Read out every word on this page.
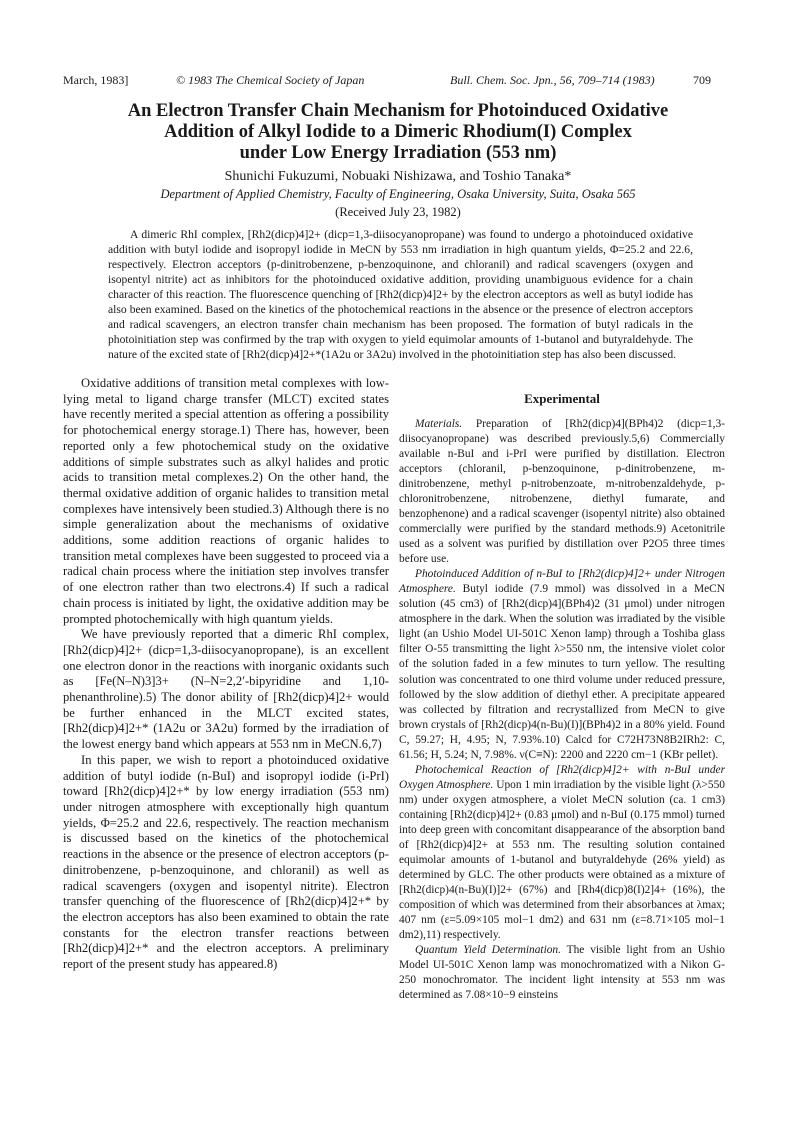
March, 1983]	© 1983 The Chemical Society of Japan	Bull. Chem. Soc. Jpn., 56, 709–714 (1983)	709
An Electron Transfer Chain Mechanism for Photoinduced Oxidative
Addition of Alkyl Iodide to a Dimeric Rhodium(I) Complex
under Low Energy Irradiation (553 nm)
Shunichi Fukuzumi, Nobuaki Nishizawa, and Toshio Tanaka*
Department of Applied Chemistry, Faculty of Engineering, Osaka University, Suita, Osaka 565
(Received July 23, 1982)
A dimeric RhI complex, [Rh2(dicp)4]2+ (dicp=1,3-diisocyanopropane) was found to undergo a photoinduced oxidative addition with butyl iodide and isopropyl iodide in MeCN by 553 nm irradiation in high quantum yields, Φ=25.2 and 22.6, respectively. Electron acceptors (p-dinitrobenzene, p-benzoquinone, and chloranil) and radical scavengers (oxygen and isopentyl nitrite) act as inhibitors for the photoinduced oxidative addition, providing unambiguous evidence for a chain character of this reaction. The fluorescence quenching of [Rh2(dicp)4]2+ by the electron acceptors as well as butyl iodide has also been examined. Based on the kinetics of the photochemical reactions in the absence or the presence of electron acceptors and radical scavengers, an electron transfer chain mechanism has been proposed. The formation of butyl radicals in the photoinitiation step was confirmed by the trap with oxygen to yield equimolar amounts of 1-butanol and butyraldehyde. The nature of the excited state of [Rh2(dicp)4]2+*(1A2u or 3A2u) involved in the photoinitiation step has also been discussed.

Oxidative additions of transition metal complexes with low-lying metal to ligand charge transfer (MLCT) excited states have recently merited a special attention as offering a possibility for photochemical energy storage.1) There has, however, been reported only a few photochemical study on the oxidative additions of simple substrates such as alkyl halides and protic acids to transition metal complexes.2) On the other hand, the thermal oxidative addition of organic halides to transition metal complexes have intensively been studied.3) Although there is no simple generalization about the mechanisms of oxidative additions, some addition reactions of organic halides to transition metal complexes have been suggested to proceed via a radical chain process where the initiation step involves transfer of one electron rather than two electrons.4) If such a radical chain process is initiated by light, the oxidative addition may be prompted photochemically with high quantum yields.

We have previously reported that a dimeric RhI complex, [Rh2(dicp)4]2+ (dicp=1,3-diisocyanopropane), is an excellent one electron donor in the reactions with inorganic oxidants such as [Fe(N–N)3]3+ (N–N=2,2′-bipyridine and 1,10-phenanthroline).5) The donor ability of [Rh2(dicp)4]2+ would be further enhanced in the MLCT excited states, [Rh2(dicp)4]2+* (1A2u or 3A2u) formed by the irradiation of the lowest energy band which appears at 553 nm in MeCN.6,7)

In this paper, we wish to report a photoinduced oxidative addition of butyl iodide (n-BuI) and isopropyl iodide (i-PrI) toward [Rh2(dicp)4]2+* by low energy irradiation (553 nm) under nitrogen atmosphere with exceptionally high quantum yields, Φ=25.2 and 22.6, respectively. The reaction mechanism is discussed based on the kinetics of the photochemical reactions in the absence or the presence of electron acceptors (p-dinitrobenzene, p-benzoquinone, and chloranil) as well as radical scavengers (oxygen and isopentyl nitrite). Electron transfer quenching of the fluorescence of [Rh2(dicp)4]2+* by the electron acceptors has also been examined to obtain the rate constants for the electron transfer reactions between [Rh2(dicp)4]2+* and the electron acceptors. A preliminary report of the present study has appeared.8)

Experimental

Materials. Preparation of [Rh2(dicp)4](BPh4)2 (dicp=1,3-diisocyanopropane) was described previously.5,6) Commercially available n-BuI and i-PrI were purified by distillation. Electron acceptors (chloranil, p-benzoquinone, p-dinitrobenzene, m-dinitrobenzene, methyl p-nitrobenzoate, m-nitrobenzaldehyde, p-chloronitrobenzene, nitrobenzene, diethyl fumarate, and benzophenone) and a radical scavenger (isopentyl nitrite) also obtained commercially were purified by the standard methods.9) Acetonitrile used as a solvent was purified by distillation over P2O5 three times before use.

Photoinduced Addition of n-BuI to [Rh2(dicp)4]2+ under Nitrogen Atmosphere. Butyl iodide (7.9 mmol) was dissolved in a MeCN solution (45 cm3) of [Rh2(dicp)4](BPh4)2 (31 μmol) under nitrogen atmosphere in the dark. When the solution was irradiated by the visible light (an Ushio Model UI-501C Xenon lamp) through a Toshiba glass filter O-55 transmitting the light λ>550 nm, the intensive violet color of the solution faded in a few minutes to turn yellow. The resulting solution was concentrated to one third volume under reduced pressure, followed by the slow addition of diethyl ether. A precipitate appeared was collected by filtration and recrystallized from MeCN to give brown crystals of [Rh2(dicp)4(n-Bu)(I)](BPh4)2 in a 80% yield. Found C, 59.27; H, 4.95; N, 7.93%.10) Calcd for C72H73N8B2IRh2: C, 61.56; H, 5.24; N, 7.98%. ν(C≡N): 2200 and 2220 cm−1 (KBr pellet).

Photochemical Reaction of [Rh2(dicp)4]2+ with n-BuI under Oxygen Atmosphere. Upon 1 min irradiation by the visible light (λ>550 nm) under oxygen atmosphere, a violet MeCN solution (ca. 1 cm3) containing [Rh2(dicp)4]2+ (0.83 μmol) and n-BuI (0.175 mmol) turned into deep green with concomitant disappearance of the absorption band of [Rh2(dicp)4]2+ at 553 nm. The resulting solution contained equimolar amounts of 1-butanol and butyraldehyde (26% yield) as determined by GLC. The other products were obtained as a mixture of [Rh2(dicp)4(n-Bu)(I)]2+ (67%) and [Rh4(dicp)8(I)2]4+ (16%), the composition of which was determined from their absorbances at λmax; 407 nm (ε=5.09×105 mol−1 dm2) and 631 nm (ε=8.71×105 mol−1 dm2),11) respectively.

Quantum Yield Determination. The visible light from an Ushio Model UI-501C Xenon lamp was monochromatized with a Nikon G-250 monochromator. The incident light intensity at 553 nm was determined as 7.08×10−9 einsteins
